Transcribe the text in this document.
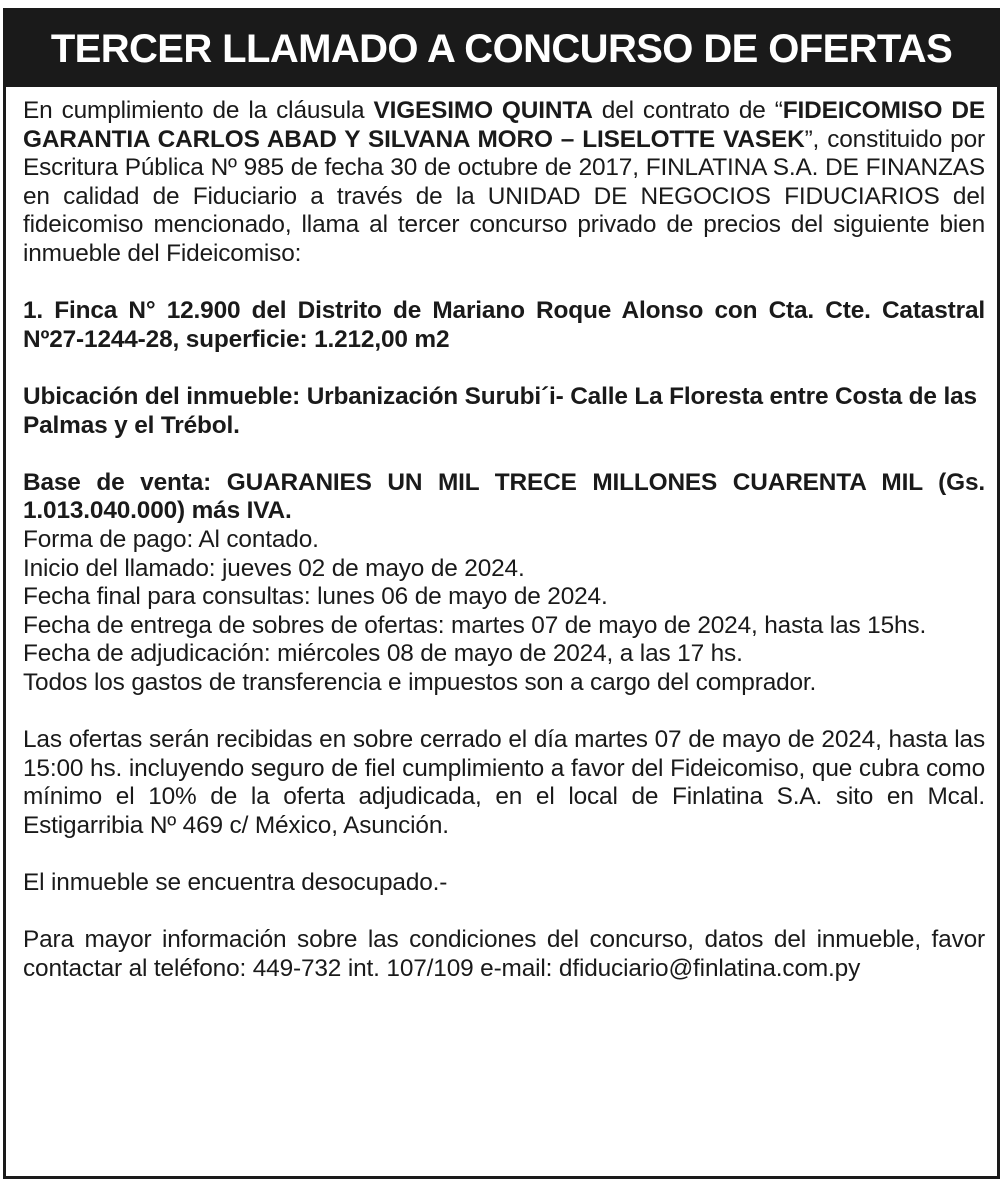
TERCER LLAMADO A CONCURSO DE OFERTAS

En cumplimiento de la cláusula VIGESIMO QUINTA del contrato de “FIDEICOMISO DE GARANTIA CARLOS ABAD Y SILVANA MORO – LISELOTTE VASEK”, constituido por Escritura Pública Nº 985 de fecha 30 de octubre de 2017, FINLATINA S.A. DE FINANZAS en calidad de Fiduciario a través de la UNIDAD DE NEGOCIOS FIDUCIARIOS del fideicomiso mencionado, llama al tercer concurso privado de precios del siguiente bien inmueble del Fideicomiso:

1. Finca N° 12.900 del Distrito de Mariano Roque Alonso con Cta. Cte. Catastral Nº27-1244-28, superficie: 1.212,00 m2

Ubicación del inmueble: Urbanización Surubi´i- Calle La Floresta entre Costa de las Palmas y el Trébol.

Base de venta: GUARANIES UN MIL TRECE MILLONES CUARENTA MIL (Gs. 1.013.040.000) más IVA.

Forma de pago: Al contado.

Inicio del llamado: jueves 02 de mayo de 2024.

Fecha final para consultas: lunes 06 de mayo de 2024.

Fecha de entrega de sobres de ofertas: martes 07 de mayo de 2024, hasta las 15hs.

Fecha de adjudicación: miércoles 08 de mayo de 2024, a las 17 hs.

Todos los gastos de transferencia e impuestos son a cargo del comprador.

Las ofertas serán recibidas en sobre cerrado el día martes 07 de mayo de 2024, hasta las 15:00 hs. incluyendo seguro de fiel cumplimiento a favor del Fideicomiso, que cubra como mínimo el 10% de la oferta adjudicada, en el local de Finlatina S.A. sito en Mcal. Estigarribia Nº 469 c/ México, Asunción.

El inmueble se encuentra desocupado.-

Para mayor información sobre las condiciones del concurso, datos del inmueble, favor contactar al teléfono: 449-732 int. 107/109 e-mail: dfiduciario@finlatina.com.py
